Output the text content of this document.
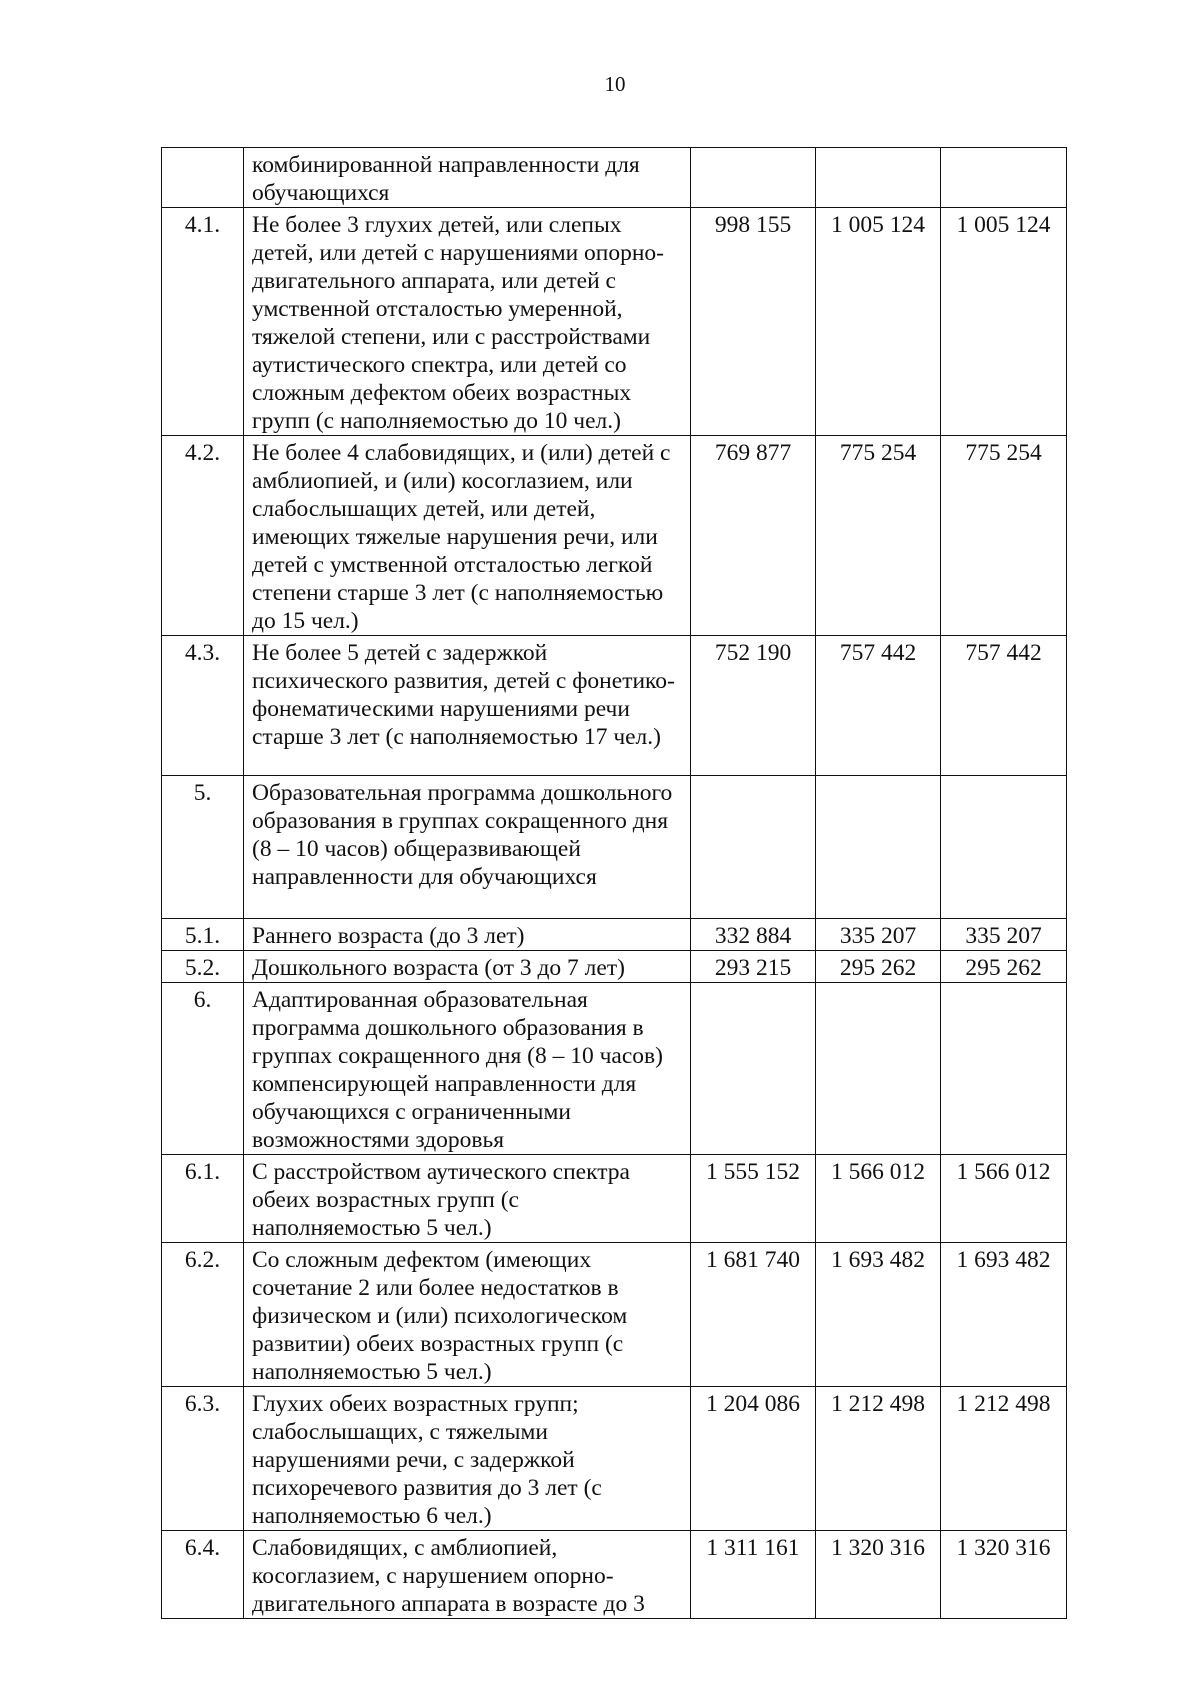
10
	комбинированной направленности для обучающихся			
4.1.	Не более 3 глухих детей, или слепых детей, или детей с нарушениями опорно-двигательного аппарата, или детей с умственной отсталостью умеренной, тяжелой степени, или с расстройствами аутистического спектра, или детей со сложным дефектом обеих возрастных групп (с наполняемостью до 10 чел.)	998 155	1 005 124	1 005 124
4.2.	Не более 4 слабовидящих, и (или) детей с амблиопией, и (или) косоглазием, или слабослышащих детей, или детей, имеющих тяжелые нарушения речи, или детей с умственной отсталостью легкой степени старше 3 лет (с наполняемостью до 15 чел.)	769 877	775 254	775 254
4.3.	Не более 5 детей с задержкой психического развития, детей с фонетико-фонематическими нарушениями речи старше 3 лет (с наполняемостью 17 чел.)	752 190	757 442	757 442
5.	Образовательная программа дошкольного образования в группах сокращенного дня (8 – 10 часов) общеразвивающей направленности для обучающихся			
5.1.	Раннего возраста (до 3 лет)	332 884	335 207	335 207
5.2.	Дошкольного возраста (от 3 до 7 лет)	293 215	295 262	295 262
6.	Адаптированная образовательная программа дошкольного образования в группах сокращенного дня (8 – 10 часов) компенсирующей направленности для обучающихся с ограниченными возможностями здоровья			
6.1.	С расстройством аутического спектра обеих возрастных групп (с наполняемостью 5 чел.)	1 555 152	1 566 012	1 566 012
6.2.	Со сложным дефектом (имеющих сочетание 2 или более недостатков в физическом и (или) психологическом развитии) обеих возрастных групп (с наполняемостью 5 чел.)	1 681 740	1 693 482	1 693 482
6.3.	Глухих обеих возрастных групп; слабослышащих, с тяжелыми нарушениями речи, с задержкой психоречевого развития до 3 лет (с наполняемостью 6 чел.)	1 204 086	1 212 498	1 212 498
6.4.	Слабовидящих, с амблиопией, косоглазием, с нарушением опорно-двигательного аппарата в возрасте до 3	1 311 161	1 320 316	1 320 316
